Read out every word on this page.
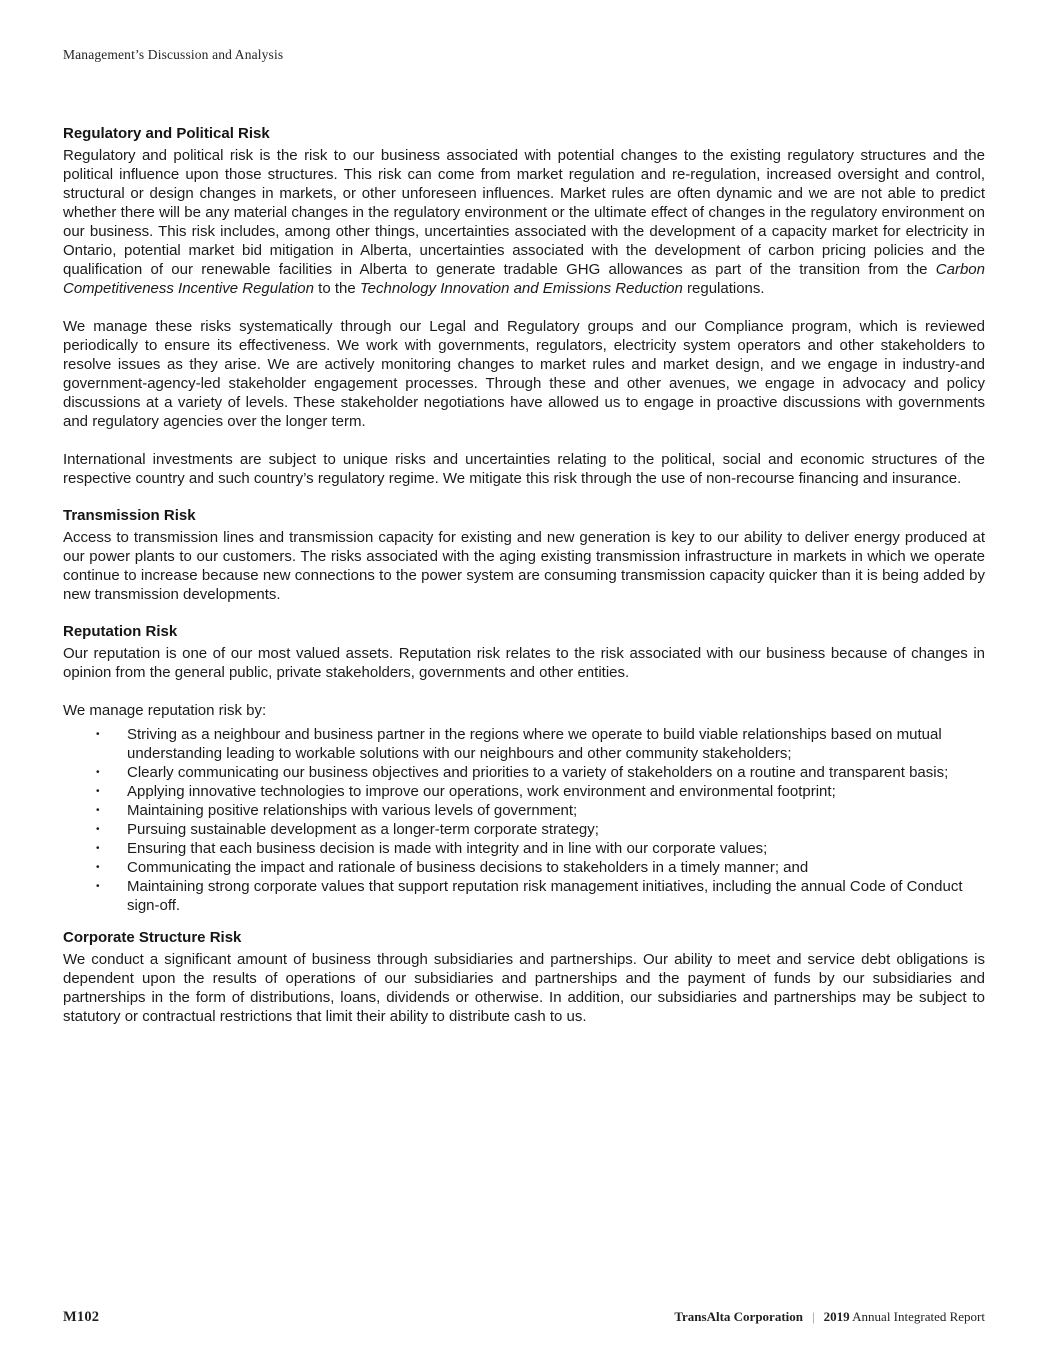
Management’s Discussion and Analysis
Regulatory and Political Risk

Regulatory and political risk is the risk to our business associated with potential changes to the existing regulatory structures and the political influence upon those structures. This risk can come from market regulation and re-regulation, increased oversight and control, structural or design changes in markets, or other unforeseen influences. Market rules are often dynamic and we are not able to predict whether there will be any material changes in the regulatory environment or the ultimate effect of changes in the regulatory environment on our business. This risk includes, among other things, uncertainties associated with the development of a capacity market for electricity in Ontario, potential market bid mitigation in Alberta, uncertainties associated with the development of carbon pricing policies and the qualification of our renewable facilities in Alberta to generate tradable GHG allowances as part of the transition from the Carbon Competitiveness Incentive Regulation to the Technology Innovation and Emissions Reduction regulations.

We manage these risks systematically through our Legal and Regulatory groups and our Compliance program, which is reviewed periodically to ensure its effectiveness. We work with governments, regulators, electricity system operators and other stakeholders to resolve issues as they arise. We are actively monitoring changes to market rules and market design, and we engage in industry-and government-agency-led stakeholder engagement processes. Through these and other avenues, we engage in advocacy and policy discussions at a variety of levels. These stakeholder negotiations have allowed us to engage in proactive discussions with governments and regulatory agencies over the longer term.

International investments are subject to unique risks and uncertainties relating to the political, social and economic structures of the respective country and such country’s regulatory regime. We mitigate this risk through the use of non-recourse financing and insurance.

Transmission Risk

Access to transmission lines and transmission capacity for existing and new generation is key to our ability to deliver energy produced at our power plants to our customers. The risks associated with the aging existing transmission infrastructure in markets in which we operate continue to increase because new connections to the power system are consuming transmission capacity quicker than it is being added by new transmission developments.

Reputation Risk

Our reputation is one of our most valued assets. Reputation risk relates to the risk associated with our business because of changes in opinion from the general public, private stakeholders, governments and other entities.

We manage reputation risk by:

•	Striving as a neighbour and business partner in the regions where we operate to build viable relationships based on mutual understanding leading to workable solutions with our neighbours and other community stakeholders;
•	Clearly communicating our business objectives and priorities to a variety of stakeholders on a routine and transparent basis;
•	Applying innovative technologies to improve our operations, work environment and environmental footprint;
•	Maintaining positive relationships with various levels of government;
•	Pursuing sustainable development as a longer-term corporate strategy;
•	Ensuring that each business decision is made with integrity and in line with our corporate values;
•	Communicating the impact and rationale of business decisions to stakeholders in a timely manner; and
•	Maintaining strong corporate values that support reputation risk management initiatives, including the annual Code of Conduct sign-off.
Corporate Structure Risk

We conduct a significant amount of business through subsidiaries and partnerships. Our ability to meet and service debt obligations is dependent upon the results of operations of our subsidiaries and partnerships and the payment of funds by our subsidiaries and partnerships in the form of distributions, loans, dividends or otherwise. In addition, our subsidiaries and partnerships may be subject to statutory or contractual restrictions that limit their ability to distribute cash to us.

M102	TransAlta Corporation | 2019 Annual Integrated Report
